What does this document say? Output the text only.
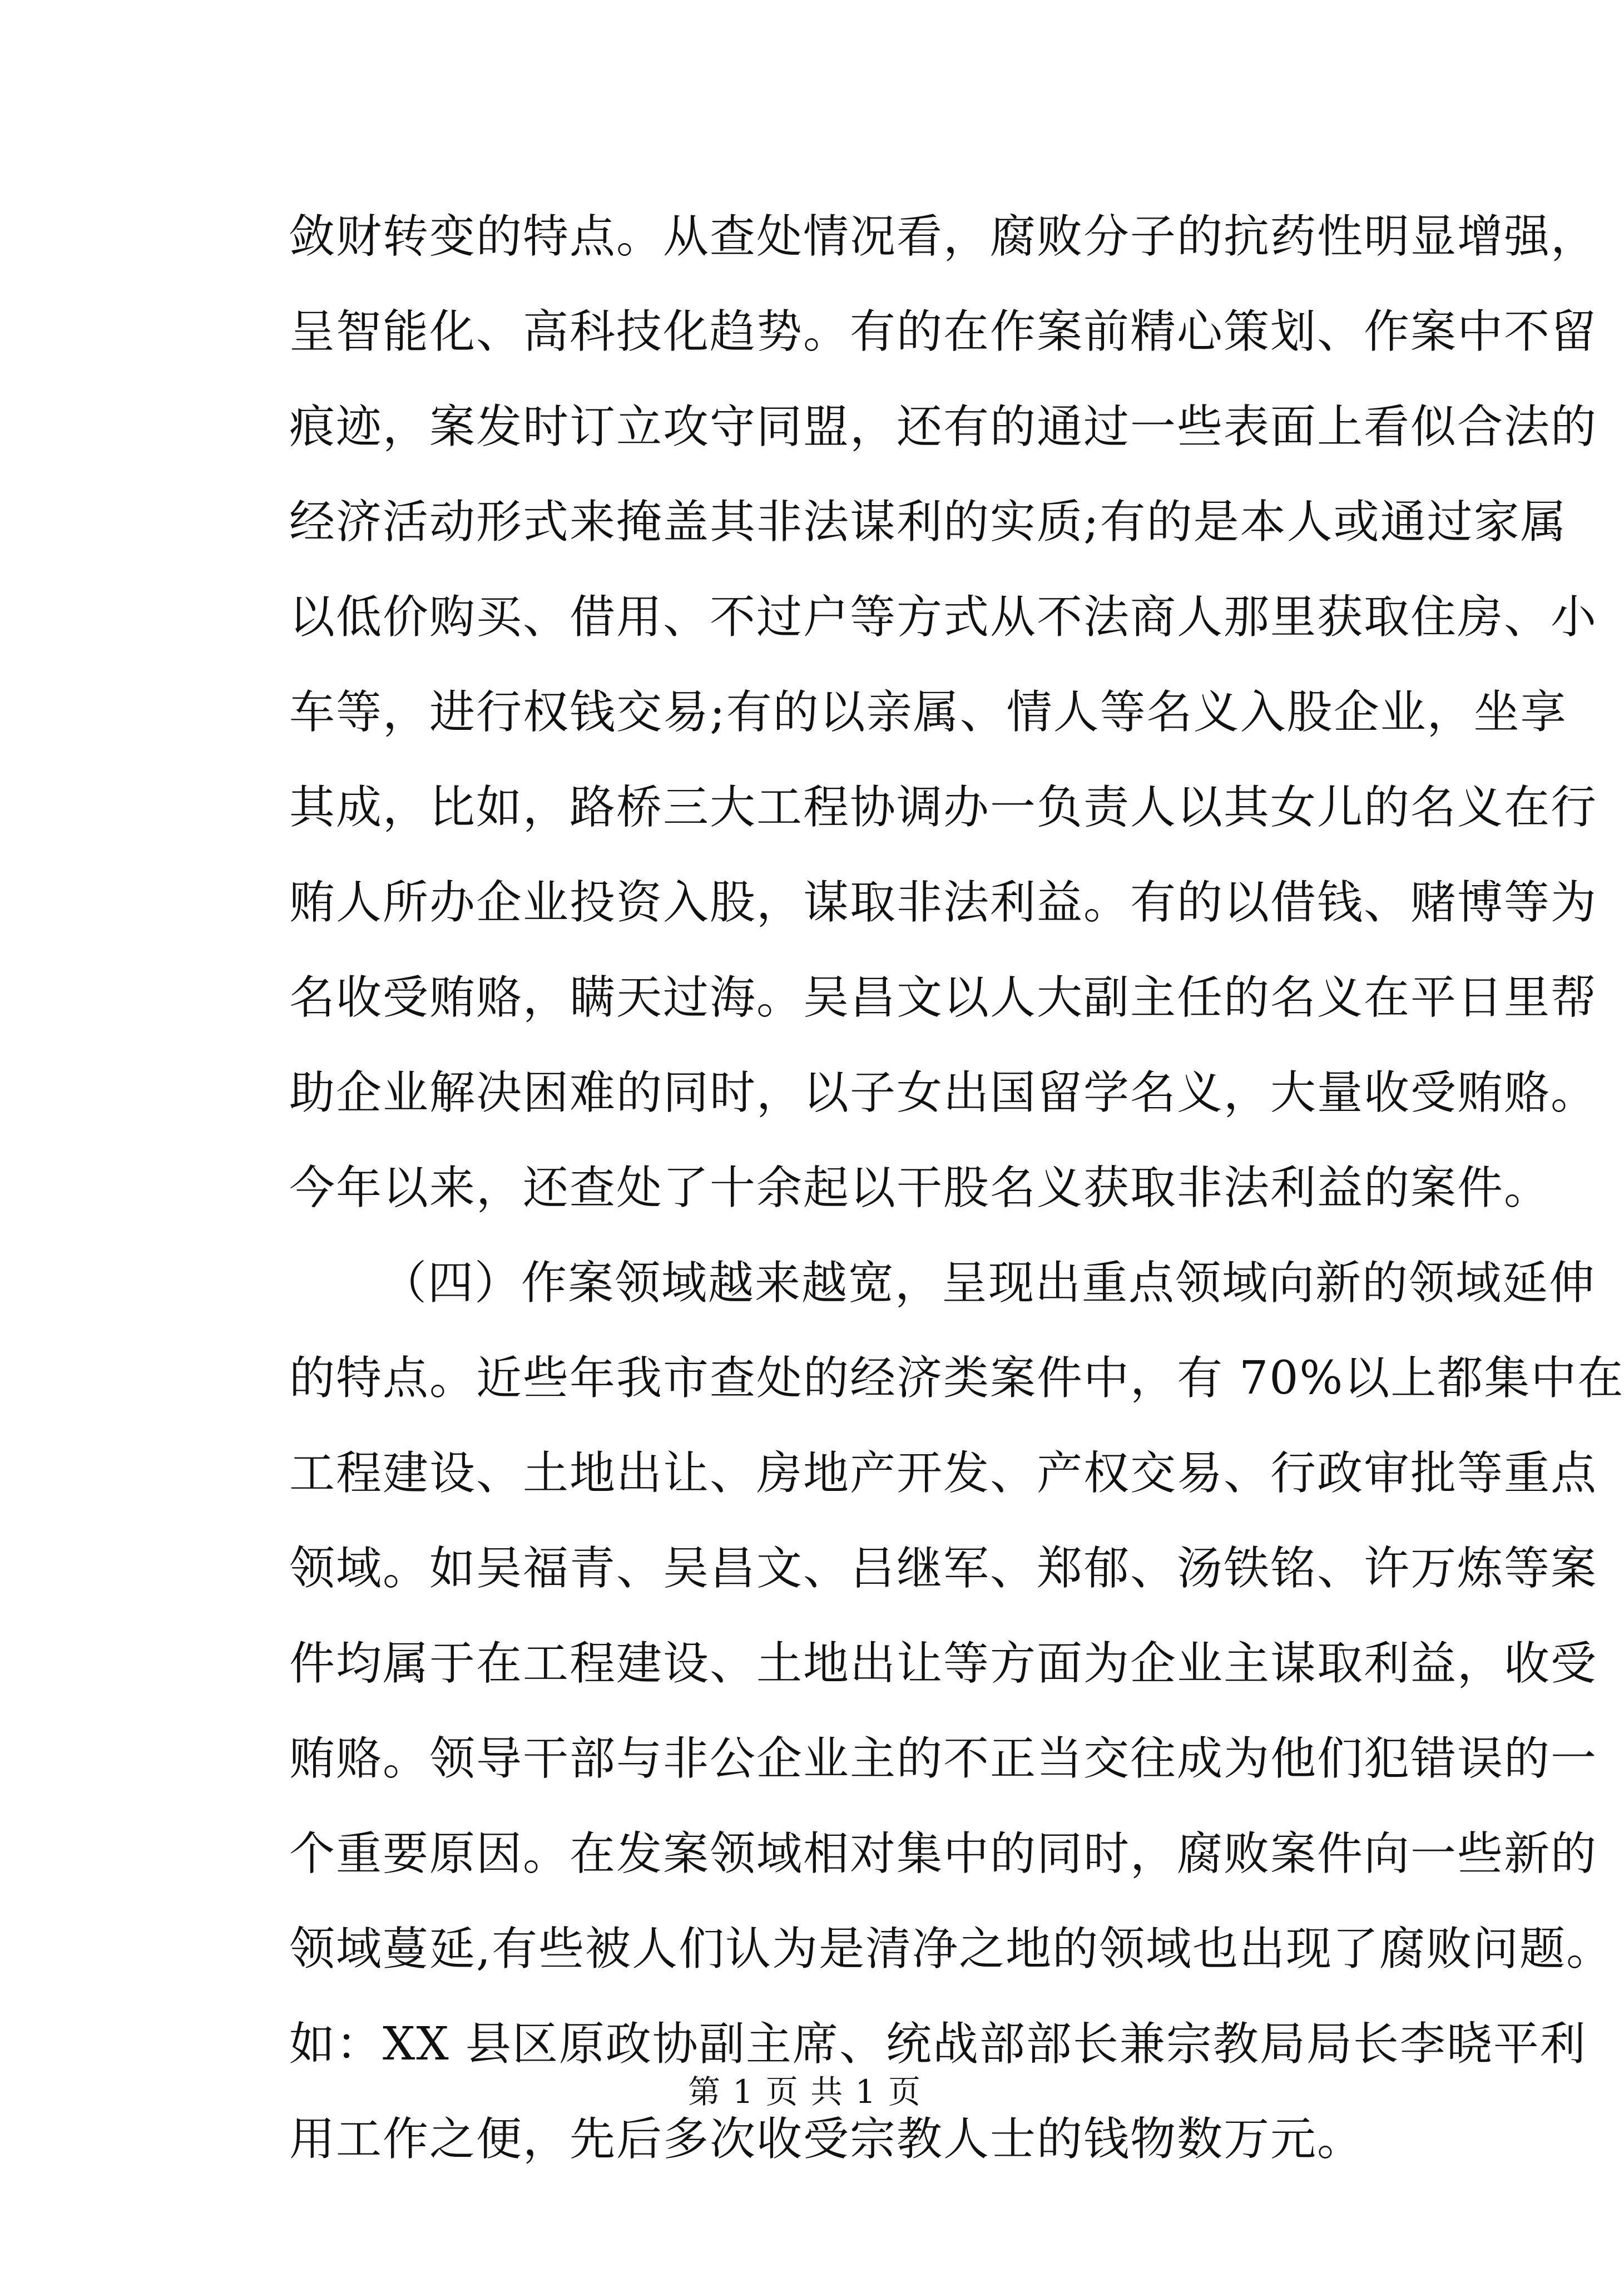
敛财转变的特点。从查处情况看，腐败分子的抗药性明显增强，
呈智能化、高科技化趋势。有的在作案前精心策划、作案中不留
痕迹，案发时订立攻守同盟，还有的通过一些表面上看似合法的
经济活动形式来掩盖其非法谋利的实质;有的是本人或通过家属
以低价购买、借用、不过户等方式从不法商人那里获取住房、小
车等，进行权钱交易;有的以亲属、情人等名义入股企业，坐享
其成，比如，路桥三大工程协调办一负责人以其女儿的名义在行
贿人所办企业投资入股，谋取非法利益。有的以借钱、赌博等为
名收受贿赂，瞒天过海。吴昌文以人大副主任的名义在平日里帮
助企业解决困难的同时，以子女出国留学名义，大量收受贿赂。
今年以来，还查处了十余起以干股名义获取非法利益的案件。
（四）作案领域越来越宽，呈现出重点领域向新的领域延伸
的特点。近些年我市查处的经济类案件中，有 70%以上都集中在
工程建设、土地出让、房地产开发、产权交易、行政审批等重点
领域。如吴福青、吴昌文、吕继军、郑郁、汤铁铭、许万炼等案
件均属于在工程建设、土地出让等方面为企业主谋取利益，收受
贿赂。领导干部与非公企业主的不正当交往成为他们犯错误的一
个重要原因。在发案领域相对集中的同时，腐败案件向一些新的
领域蔓延,有些被人们认为是清净之地的领域也出现了腐败问题。
如：XX 县区原政协副主席、统战部部长兼宗教局局长李晓平利
用工作之便，先后多次收受宗教人士的钱物数万元。
第 1 页 共 1 页
